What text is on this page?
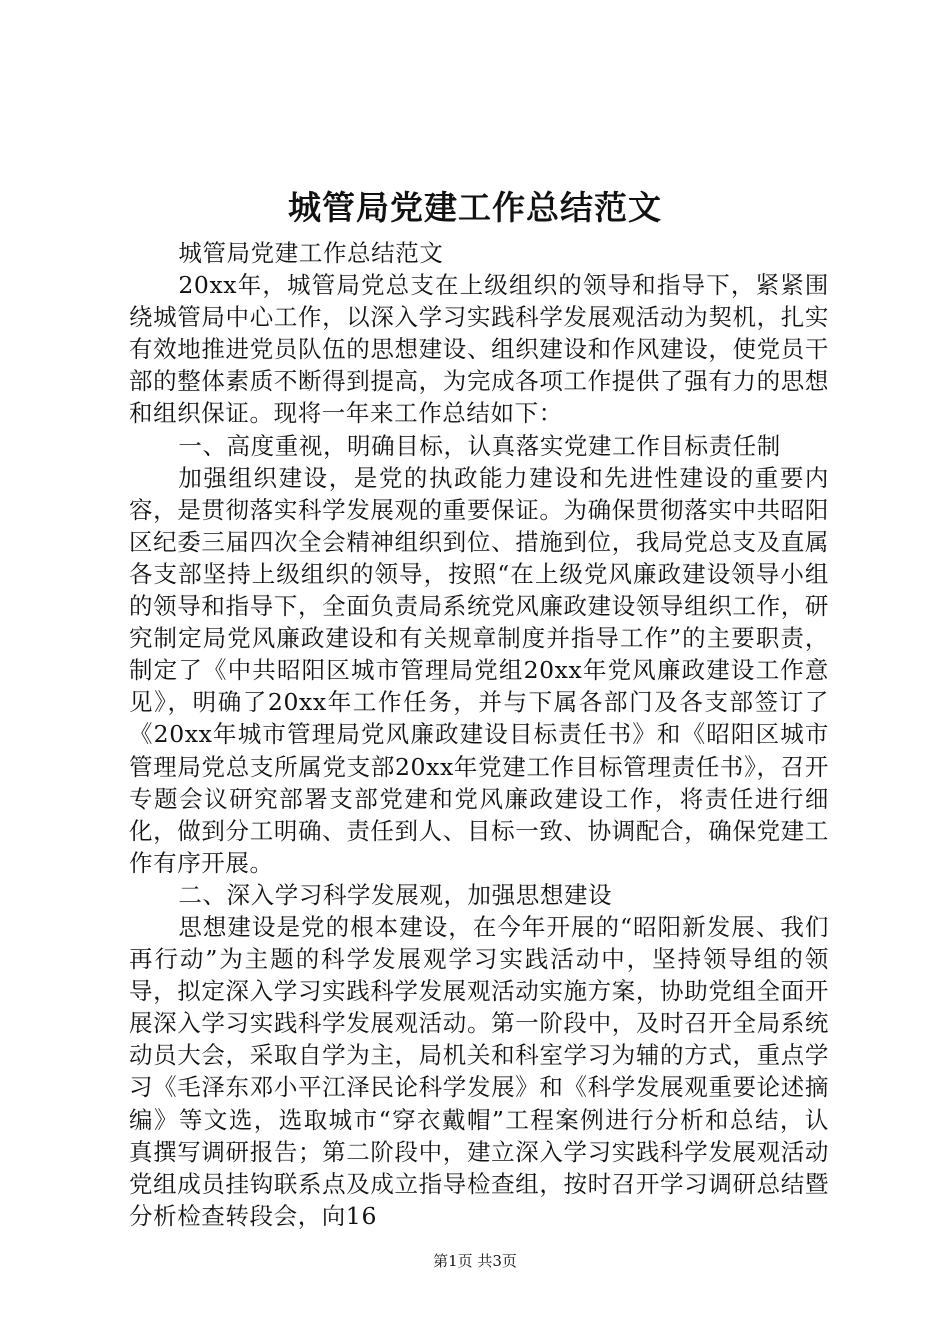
城管局党建工作总结范文

城管局党建工作总结范文

20xx年，城管局党总支在上级组织的领导和指导下，紧紧围绕城管局中心工作，以深入学习实践科学发展观活动为契机，扎实有效地推进党员队伍的思想建设、组织建设和作风建设，使党员干部的整体素质不断得到提高，为完成各项工作提供了强有力的思想和组织保证。现将一年来工作总结如下：

一、高度重视，明确目标，认真落实党建工作目标责任制

加强组织建设，是党的执政能力建设和先进性建设的重要内容，是贯彻落实科学发展观的重要保证。为确保贯彻落实中共昭阳区纪委三届四次全会精神组织到位、措施到位，我局党总支及直属各支部坚持上级组织的领导，按照“在上级党风廉政建设领导小组的领导和指导下，全面负责局系统党风廉政建设领导组织工作，研究制定局党风廉政建设和有关规章制度并指导工作”的主要职责，制定了《中共昭阳区城市管理局党组20xx年党风廉政建设工作意见》，明确了20xx年工作任务，并与下属各部门及各支部签订了《20xx年城市管理局党风廉政建设目标责任书》和《昭阳区城市管理局党总支所属党支部20xx年党建工作目标管理责任书》，召开专题会议研究部署支部党建和党风廉政建设工作，将责任进行细化，做到分工明确、责任到人、目标一致、协调配合，确保党建工作有序开展。

二、深入学习科学发展观，加强思想建设

思想建设是党的根本建设，在今年开展的“昭阳新发展、我们再行动”为主题的科学发展观学习实践活动中，坚持领导组的领导，拟定深入学习实践科学发展观活动实施方案，协助党组全面开展深入学习实践科学发展观活动。第一阶段中，及时召开全局系统动员大会，采取自学为主，局机关和科室学习为辅的方式，重点学习《毛泽东邓小平江泽民论科学发展》和《科学发展观重要论述摘编》等文选，选取城市“穿衣戴帽”工程案例进行分析和总结，认真撰写调研报告；第二阶段中，建立深入学习实践科学发展观活动党组成员挂钩联系点及成立指导检查组，按时召开学习调研总结暨分析检查转段会，向16

第1页 共3页
